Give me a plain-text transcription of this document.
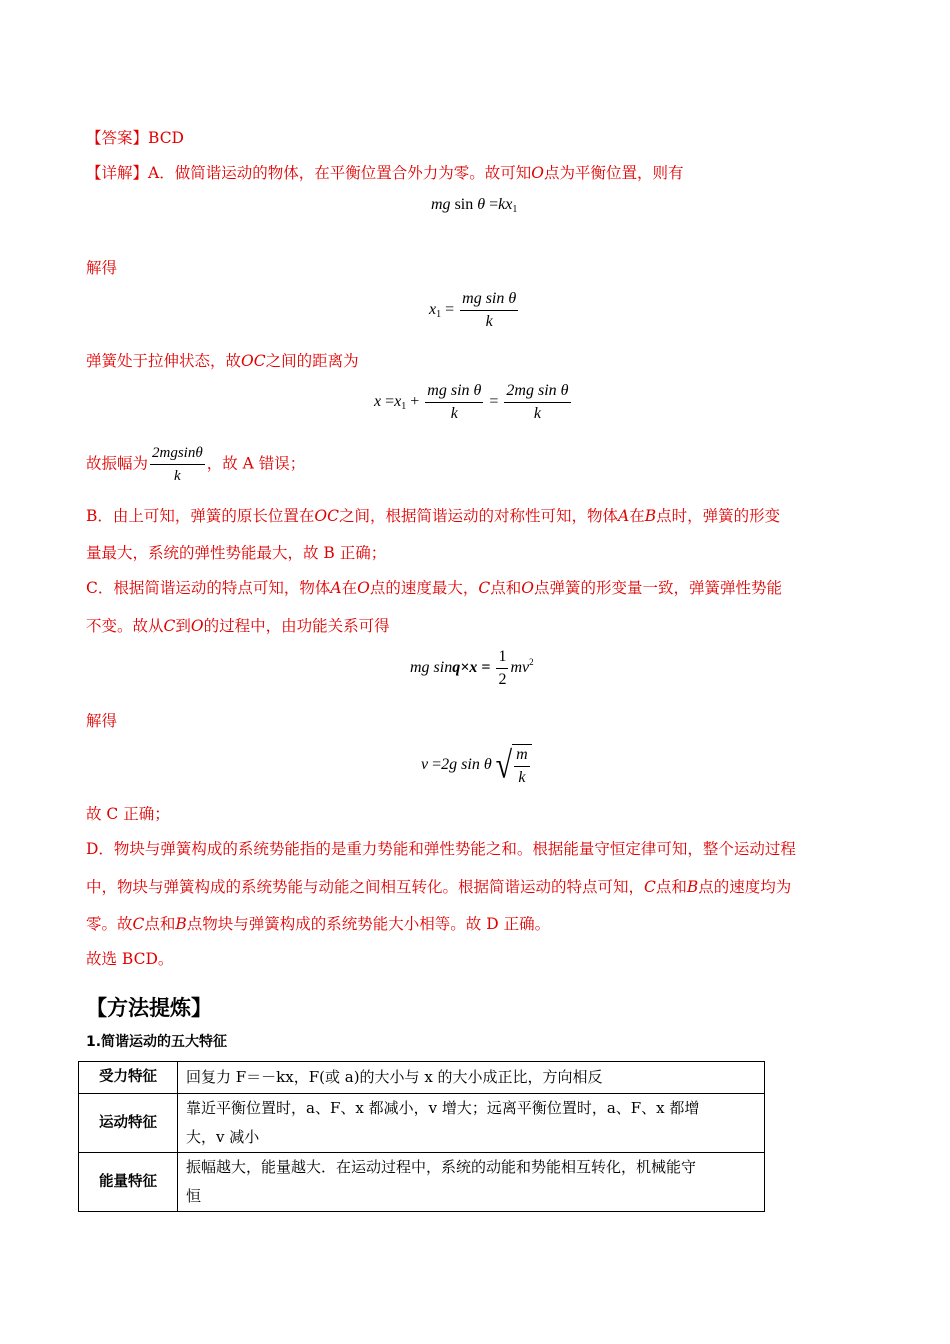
【答案】BCD
【详解】A．做简谐运动的物体，在平衡位置合外力为零。故可知O点为平衡位置，则有
mg $\sin \theta =kx_1$
解得
$x_1 = \frac{\text{mg sin θ}}{k}$
弹簧处于拉伸状态，故OC之间的距离为
$x =x_1 + \frac{\text{mg sin θ}}{k} = \frac{\text{2mg sin θ}}{k}$
故振幅为 $\frac{2mgsin\theta}{k}$ ，故 A 错误；
B．由上可知，弹簧的原长位置在OC之间，根据简谐运动的对称性可知，物体A在B点时，弹簧的形变
量最大，系统的弹性势能最大，故 B 正确；
C．根据简谐运动的特点可知，物体A在O点的速度最大，C点和O点弹簧的形变量一致，弹簧弹性势能
不变。故从C到O的过程中，由功能关系可得
mg $\sin q\times x = \frac{1}{2} mv^2$
解得
v =2g sin θ √ $\frac{m}{k}$
故 C 正确；
D．物块与弹簧构成的系统势能指的是重力势能和弹性势能之和。根据能量守恒定律可知，整个运动过程
中，物块与弹簧构成的系统势能与动能之间相互转化。根据简谐运动的特点可知，C点和B点的速度均为
零。故C点和B点物块与弹簧构成的系统势能大小相等。故 D 正确。
故选 BCD。
【方法提炼】
1.简谐运动的五大特征
受力特征	回复力 F＝－kx，F(或 a)的大小与 x 的大小成正比，方向相反
运动特征	靠近平衡位置时，a、F、x 都减小，v 增大；远离平衡位置时，a、F、x 都增
大，v 减小

能量特征	振幅越大，能量越大．在运动过程中，系统的动能和势能相互转化，机械能守
恒
